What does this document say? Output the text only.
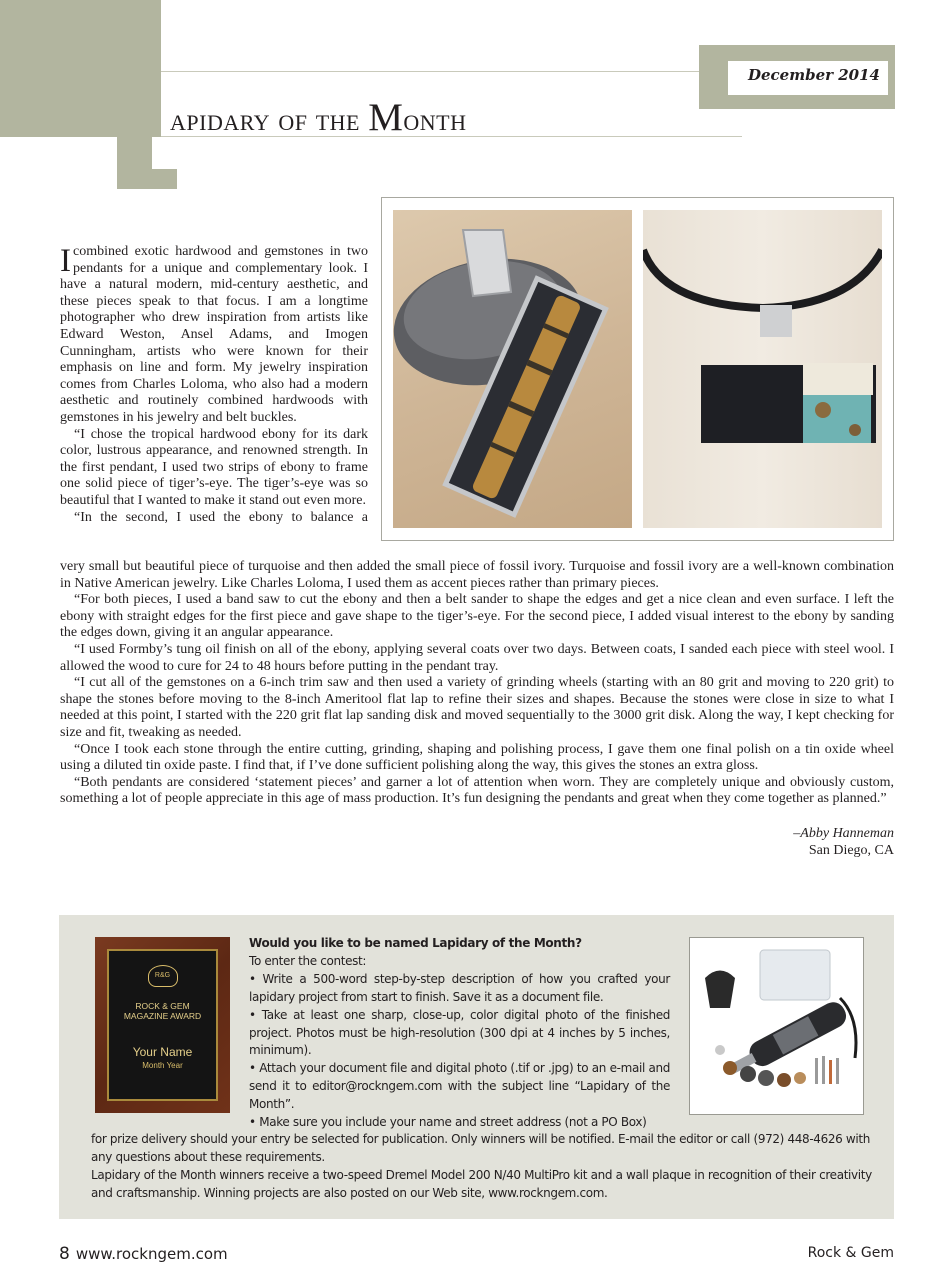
apidary of the Month
December 2014

Icombined exotic hardwood and gemstones in two pendants for a unique and complementary look. I have a natural modern, mid-century aesthetic, and these pieces speak to that focus. I am a longtime photographer who drew inspiration from artists like Edward Weston, Ansel Adams, and Imogen Cunningham, artists who were known for their emphasis on line and form. My jewelry inspiration comes from Charles Loloma, who also had a modern aesthetic and routinely combined hardwoods with gemstones in his jewelry and belt buckles.

“I chose the tropical hardwood ebony for its dark color, lustrous appearance, and renowned strength. In the first pendant, I used two strips of ebony to frame one solid piece of tiger’s-eye. The tiger’s-eye was so beautiful that I wanted to make it stand out even more.

“In the second, I used the ebony to balance a

very small but beautiful piece of turquoise and then added the small piece of fossil ivory. Turquoise and fossil ivory are a well-known combination in Native American jewelry. Like Charles Loloma, I used them as accent pieces rather than primary pieces.

“For both pieces, I used a band saw to cut the ebony and then a belt sander to shape the edges and get a nice clean and even surface. I left the ebony with straight edges for the first piece and gave shape to the tiger’s-eye. For the second piece, I added visual interest to the ebony by sanding the edges down, giving it an angular appearance.

“I used Formby’s tung oil finish on all of the ebony, applying several coats over two days. Between coats, I sanded each piece with steel wool. I allowed the wood to cure for 24 to 48 hours before putting in the pendant tray.

“I cut all of the gemstones on a 6-inch trim saw and then used a variety of grinding wheels (starting with an 80 grit and moving to 220 grit) to shape the stones before moving to the 8-inch Ameritool flat lap to refine their sizes and shapes. Because the stones were close in size to what I needed at this point, I started with the 220 grit flat lap sanding disk and moved sequentially to the 3000 grit disk. Along the way, I kept checking for size and fit, tweaking as needed.

“Once I took each stone through the entire cutting, grinding, shaping and polishing process, I gave them one final polish on a tin oxide wheel using a diluted tin oxide paste. I find that, if I’ve done sufficient polishing along the way, this gives the stones an extra gloss.

“Both pendants are considered ‘statement pieces’ and garner a lot of attention when worn. They are completely unique and obviously custom, something a lot of people appreciate in this age of mass production. It’s fun designing the pendants and great when they come together as planned.”

–Abby Hanneman
San Diego, CA
R&G
ROCK & GEM
MAGAZINE AWARD
Your Name
Month Year
Would you like to be named Lapidary of the Month?
To enter the contest:
• Write a 500-word step-by-step description of how you crafted your lapidary project from start to finish. Save it as a document file.
• Take at least one sharp, close-up, color digital photo of the finished project. Photos must be high-resolution (300 dpi at 4 inches by 5 inches, minimum).
• Attach your document file and digital photo (.tif or .jpg) to an e-mail and send it to editor@rockngem.com with the subject line “Lapidary of the Month”.
• Make sure you include your name and street address (not a PO Box)
for prize delivery should your entry be selected for publication. Only winners will be notified. E-mail the editor or call (972) 448-4626 with any questions about these requirements.
Lapidary of the Month winners receive a two-speed Dremel Model 200 N/40 MultiPro kit and a wall plaque in recognition of their creativity and craftsmanship. Winning projects are also posted on our Web site, www.rockngem.com.
8 www.rockngem.com	Rock & Gem
